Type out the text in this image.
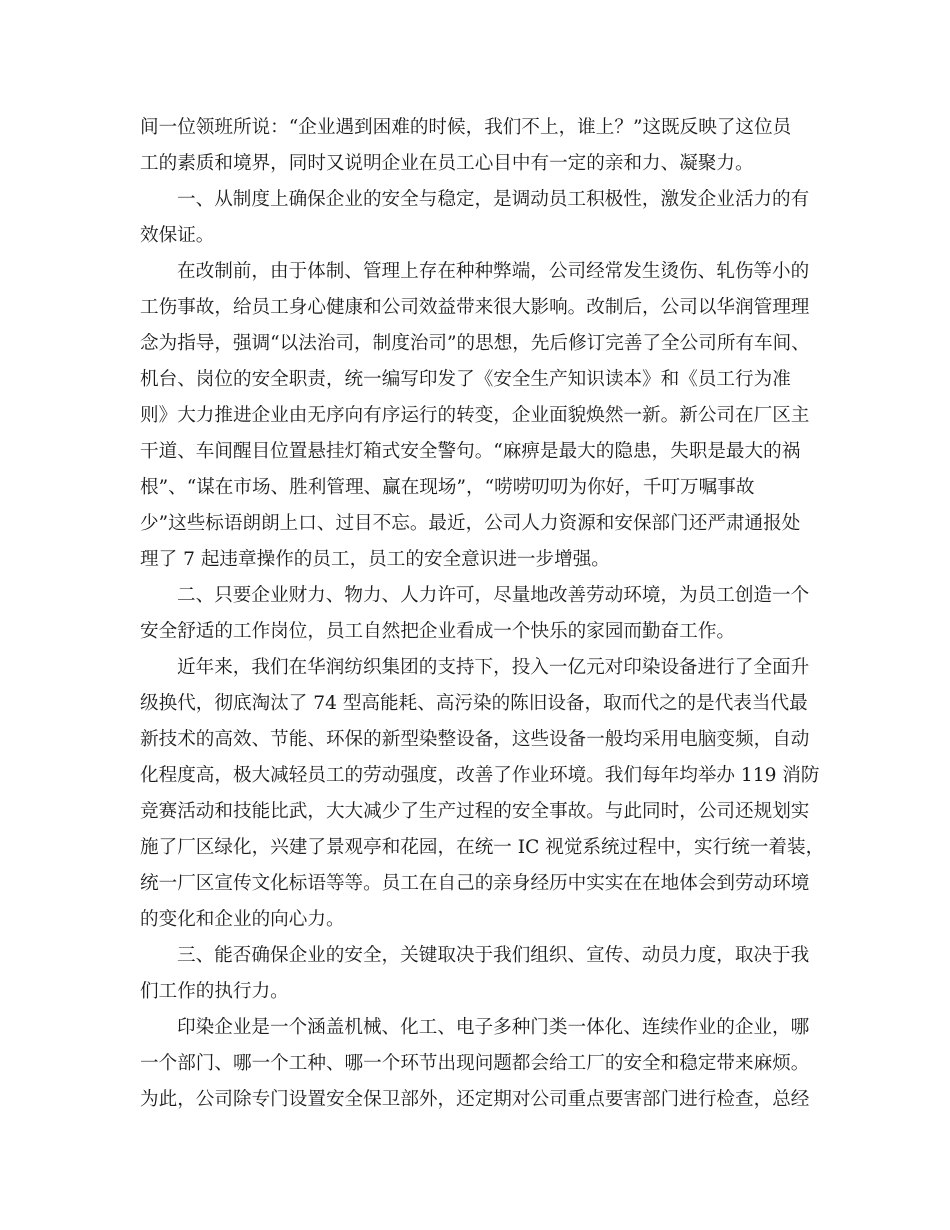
间一位领班所说：“企业遇到困难的时候，我们不上，谁上？”这既反映了这位员
工的素质和境界，同时又说明企业在员工心目中有一定的亲和力、凝聚力。
一、从制度上确保企业的安全与稳定，是调动员工积极性，激发企业活力的有
效保证。
在改制前，由于体制、管理上存在种种弊端，公司经常发生烫伤、轧伤等小的
工伤事故，给员工身心健康和公司效益带来很大影响。改制后，公司以华润管理理
念为指导，强调“以法治司，制度治司”的思想，先后修订完善了全公司所有车间、
机台、岗位的安全职责，统一编写印发了《安全生产知识读本》和《员工行为准
则》大力推进企业由无序向有序运行的转变，企业面貌焕然一新。新公司在厂区主
干道、车间醒目位置悬挂灯箱式安全警句。“麻痹是最大的隐患，失职是最大的祸
根”、“谋在市场、胜利管理、赢在现场”，“唠唠叨叨为你好，千叮万嘱事故
少”这些标语朗朗上口、过目不忘。最近，公司人力资源和安保部门还严肃通报处
理了 7 起违章操作的员工，员工的安全意识进一步增强。
二、只要企业财力、物力、人力许可，尽量地改善劳动环境，为员工创造一个
安全舒适的工作岗位，员工自然把企业看成一个快乐的家园而勤奋工作。
近年来，我们在华润纺织集团的支持下，投入一亿元对印染设备进行了全面升
级换代，彻底淘汰了 74 型高能耗、高污染的陈旧设备，取而代之的是代表当代最
新技术的高效、节能、环保的新型染整设备，这些设备一般均采用电脑变频，自动
化程度高，极大减轻员工的劳动强度，改善了作业环境。我们每年均举办 119 消防
竞赛活动和技能比武，大大减少了生产过程的安全事故。与此同时，公司还规划实
施了厂区绿化，兴建了景观亭和花园，在统一 IC 视觉系统过程中，实行统一着装，
统一厂区宣传文化标语等等。员工在自己的亲身经历中实实在在地体会到劳动环境
的变化和企业的向心力。
三、能否确保企业的安全，关键取决于我们组织、宣传、动员力度，取决于我
们工作的执行力。
印染企业是一个涵盖机械、化工、电子多种门类一体化、连续作业的企业，哪
一个部门、哪一个工种、哪一个环节出现问题都会给工厂的安全和稳定带来麻烦。
为此，公司除专门设置安全保卫部外，还定期对公司重点要害部门进行检查，总经
